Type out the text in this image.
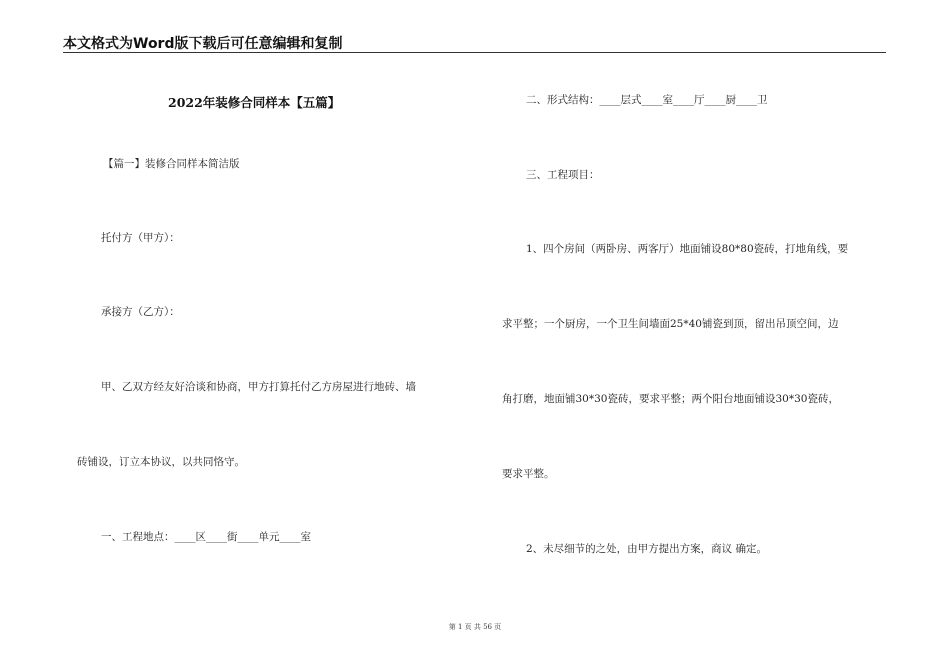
本文格式为Word版下载后可任意编辑和复制
2022年装修合同样本【五篇】
【篇一】装修合同样本简洁版
托付方（甲方）：
承接方（乙方）：
甲、乙双方经友好洽谈和协商，甲方打算托付乙方房屋进行地砖、墙
砖铺设，订立本协议，以共同恪守。
一、工程地点：____区____街____单元____室
二、形式结构：____层式____室____厅____厨____卫
三、工程项目：
1、四个房间（两卧房、两客厅）地面铺设80*80瓷砖，打地角线，要
求平整；一个厨房，一个卫生间墙面25*40铺瓷到顶，留出吊顶空间，边
角打磨，地面铺30*30瓷砖，要求平整；两个阳台地面铺设30*30瓷砖，
要求平整。
2、未尽细节的之处，由甲方提出方案，商议 确定。
第 1 页 共 56 页
